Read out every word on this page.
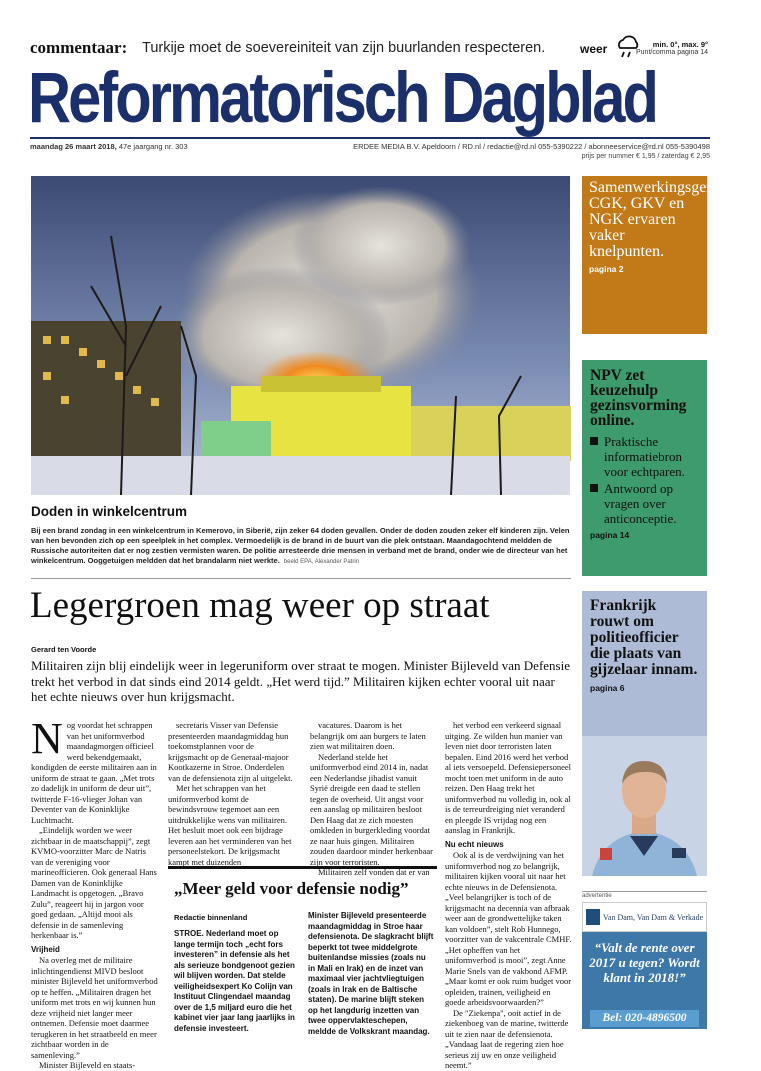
commentaar: Turkije moet de soevereiniteit van zijn buurlanden respecteren.	weer	min. 0°, max. 9°
Punt/comma pagina 14
Reformatorisch Dagblad
maandag 26 maart 2018, 47e jaargang nr. 303	ERDEE MEDIA B.V. Apeldoorn / RD.nl / redactie@rd.nl 055-5390222 / abonneeservice@rd.nl 055-5390498
prijs per nummer € 1,95 / zaterdag € 2,95
Doden in winkelcentrum
Bij een brand zondag in een winkelcentrum in Kemerovo, in Siberië, zijn zeker 64 doden gevallen. Onder de doden zouden zeker elf kinderen zijn. Velen van hen bevonden zich op een speelplek in het complex. Vermoedelijk is de brand in de buurt van die plek ontstaan. Maandagochtend meldden de Russische autoriteiten dat er nog zestien vermisten waren. De politie arresteerde drie mensen in verband met de brand, onder wie de directeur van het winkelcentrum. Ooggetuigen meldden dat het brandalarm niet werkte. beeld EPA, Alexander Patrin
Legergroen mag weer op straat
Gerard ten Voorde
Militairen zijn blij eindelijk weer in legeruniform over straat te mogen. Minister Bijleveld van Defensie trekt het verbod in dat sinds eind 2014 geldt. „Het werd tijd.” Militairen kijken echter vooral uit naar het echte nieuws over hun krijgsmacht.

Nog voordat het schrappen van het uniformverbod maandagmorgen officieel werd bekendgemaakt, kondigden de eerste militairen aan in uniform de straat te gaan. „Met trots zo dadelijk in uniform de deur uit”, twitterde F-16-vlieger Johan van Deventer van de Koninklijke Luchtmacht.

„Eindelijk worden we weer zichtbaar in de maatschappij”, zegt KVMO-voorzitter Marc de Natris van de vereniging voor marineofficieren. Ook generaal Hans Damen van de Koninklijke Landmacht is opgetogen. „Bravo Zulu”, reageert hij in jargon voor goed gedaan. „Altijd mooi als defensie in de samenleving herkenbaar is.”

Vrijheid

Na overleg met de militaire inlichtingendienst MIVD besloot minister Bijleveld het uniformverbod op te heffen. „Militairen dragen het uniform met trots en wij kunnen hun deze vrijheid niet langer meer ontnemen. Defensie moet daarmee terugkeren in het straatbeeld en meer zichtbaar worden in de samenleving.”

Minister Bijleveld en staats-

secretaris Visser van Defensie presenteerden maandagmiddag hun toekomstplannen voor de krijgsmacht op de Generaal-majoor Kootkazerne in Stroe. Onderdelen van de defensienota zijn al uitgelekt.

Met het schrappen van het uniformverbod komt de bewindsvrouw tegemoet aan een uitdrukkelijke wens van militairen. Het besluit moet ook een bijdrage leveren aan het verminderen van het personeelstekort. De krijgsmacht kampt met duizenden

vacatures. Daarom is het belangrijk om aan burgers te laten zien wat militairen doen.

Nederland stelde het uniformverbod eind 2014 in, nadat een Nederlandse jihadist vanuit Syrië dreigde een daad te stellen tegen de overheid. Uit angst voor een aanslag op militairen besloot Den Haag dat ze zich moesten omkleden in burgerkleding voordat ze naar huis gingen. Militairen zouden daardoor minder herkenbaar zijn voor terroristen.

Militairen zelf vonden dat er van

het verbod een verkeerd signaal uitging. Ze wilden hun manier van leven niet door terroristen laten bepalen. Eind 2016 werd het verbod al iets versoepeld. Defensiepersoneel mocht toen met uniform in de auto reizen. Den Haag trekt het uniformverbod nu volledig in, ook al is de terreurdreiging niet veranderd en pleegde IS vrijdag nog een aanslag in Frankrijk.

Nu echt nieuws

Ook al is de verdwijning van het uniformverbod nog zo belangrijk, militairen kijken vooral uit naar het echte nieuws in de Defensienota. „Veel belangrijker is toch of de krijgsmacht na decennia van afbraak weer aan de grondwettelijke taken kan voldoen”, stelt Rob Hunnego, voorzitter van de vakcentrale CMHF. „Het opheffen van het uniformverbod is mooi”, zegt Anne Marie Snels van de vakbond AFMP. „Maar komt er ook ruim budget voor opleiden, trainen, veiligheid en goede arbeidsvoorwaarden?”

De "Ziekenpa", ooit actief in de ziekenboeg van de marine, twitterde uit te zien naar de defensienota. „Vandaag laat de regering zien hoe serieus zij uw en onze veiligheid neemt.”

„Meer geld voor defensie nodig”
Redactie binnenland
STROE. Nederland moet op lange termijn toch „echt fors investeren” in defensie als het als serieuze bondgenoot gezien wil blijven worden. Dat stelde veiligheidsexpert Ko Colijn van Instituut Clingendael maandag over de 1,5 miljard euro die het kabinet vier jaar lang jaarlijks in defensie investeert.
Minister Bijleveld presenteerde maandagmiddag in Stroe haar defensienota. De slagkracht blijft beperkt tot twee middelgrote buitenlandse missies (zoals nu in Mali en Irak) en de inzet van maximaal vier jachtvliegtuigen (zoals in Irak en de Baltische staten). De marine blijft steken op het langdurig inzetten van twee oppervlakteschepen, meldde de Volkskrant maandag.
Samenwerkingsgemeenten CGK, GKV en NGK ervaren vaker knelpunten.
pagina 2
NPV zet keuzehulp gezinsvorming online.
Praktische informatiebron voor echtparen.
Antwoord op vragen over anticonceptie.
pagina 14
Frankrijk rouwt om politieofficier die plaats van gijzelaar innam.
pagina 6
advertentie
Van Dam, Van Dam & Verkade
“Valt de rente over 2017 u tegen? Wordt klant in 2018!”
Bel: 020-4896500
